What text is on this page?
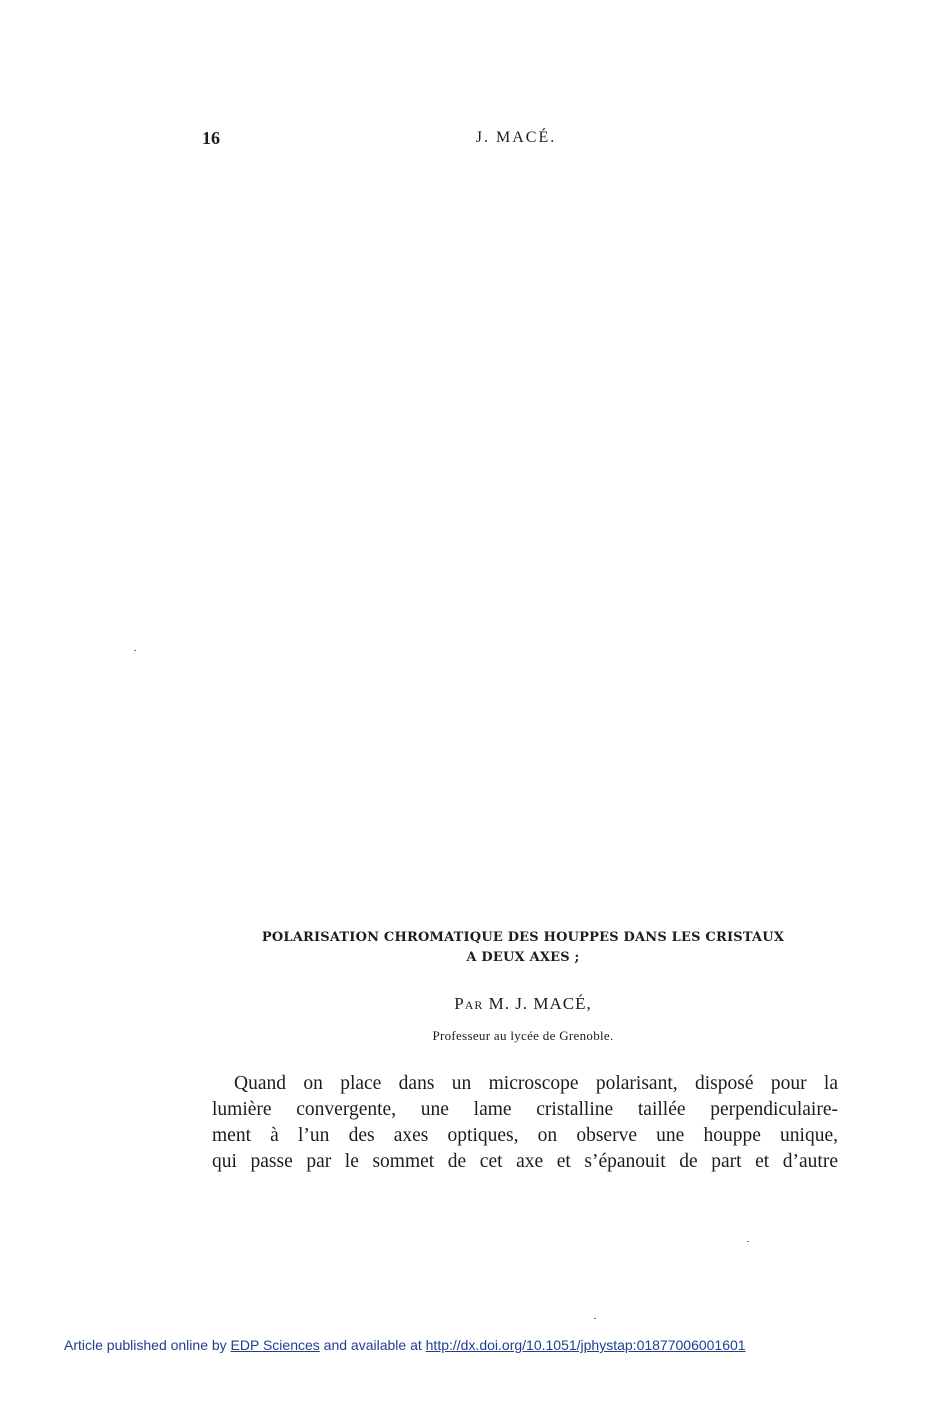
16	J. MACÉ.
POLARISATION CHROMATIQUE DES HOUPPES DANS LES CRISTAUX
A DEUX AXES ;
Par M. J. MACÉ,
Professeur au lycée de Grenoble.
Quand on place dans un microscope polarisant, disposé pour la
lumière convergente, une lame cristalline taillée perpendiculaire-
ment à l’un des axes optiques, on observe une houppe unique,
qui passe par le sommet de cet axe et s’épanouit de part et d’autre
Article published online by EDP Sciences and available at http://dx.doi.org/10.1051/jphystap:01877006001601
